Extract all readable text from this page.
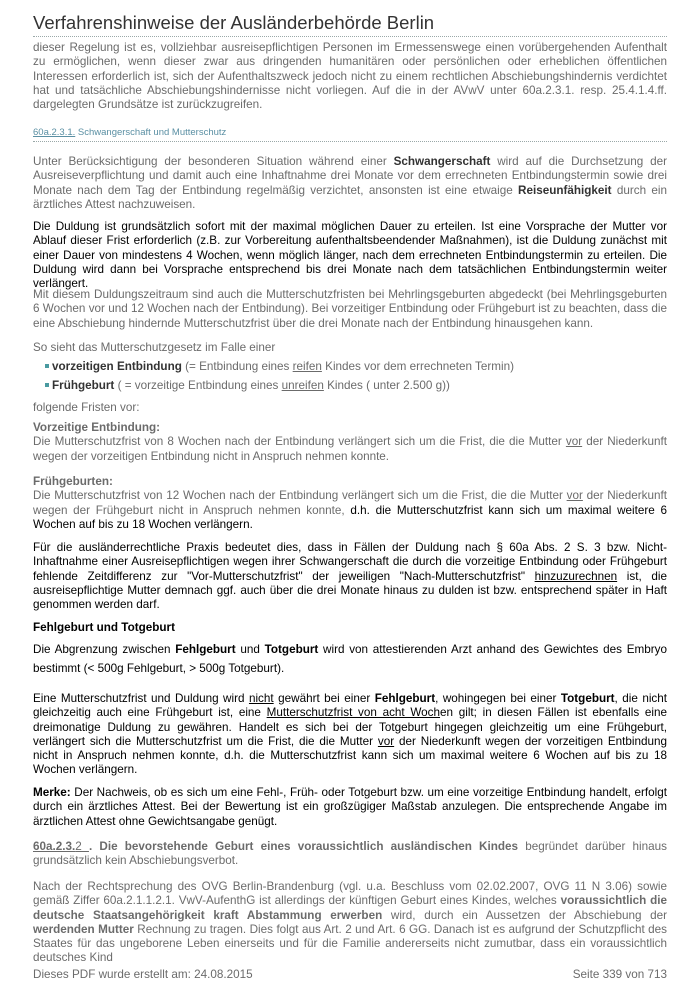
Verfahrenshinweise der Ausländerbehörde Berlin
dieser Regelung ist es, vollziehbar ausreisepflichtigen Personen im Ermessenswege einen vorübergehenden Aufenthalt zu ermöglichen, wenn dieser zwar aus dringenden humanitären oder persönlichen oder erheblichen öffentlichen Interessen erforderlich ist, sich der Aufenthaltszweck jedoch nicht zu einem rechtlichen Abschiebungshindernis verdichtet hat und tatsächliche Abschiebungshindernisse nicht vorliegen. Auf die in der AVwV unter 60a.2.3.1. resp. 25.4.1.4.ff. dargelegten Grundsätze ist zurückzugreifen.
60a.2.3.1. Schwangerschaft und Mutterschutz
Unter Berücksichtigung der besonderen Situation während einer Schwangerschaft wird auf die Durchsetzung der Ausreiseverpflichtung und damit auch eine Inhaftnahme drei Monate vor dem errechneten Entbindungstermin sowie drei Monate nach dem Tag der Entbindung regelmäßig verzichtet, ansonsten ist eine etwaige Reiseunfähigkeit durch ein ärztliches Attest nachzuweisen.
Die Duldung ist grundsätzlich sofort mit der maximal möglichen Dauer zu erteilen. Ist eine Vorsprache der Mutter vor Ablauf dieser Frist erforderlich (z.B. zur Vorbereitung aufenthaltsbeendender Maßnahmen), ist die Duldung zunächst mit einer Dauer von mindestens 4 Wochen, wenn möglich länger, nach dem errechneten Entbindungstermin zu erteilen. Die Duldung wird dann bei Vorsprache entsprechend bis drei Monate nach dem tatsächlichen Entbindungstermin weiter verlängert.
Mit diesem Duldungszeitraum sind auch die Mutterschutzfristen bei Mehrlingsgeburten abgedeckt (bei Mehrlingsgeburten 6 Wochen vor und 12 Wochen nach der Entbindung). Bei vorzeitiger Entbindung oder Frühgeburt ist zu beachten, dass die eine Abschiebung hindernde Mutterschutzfrist über die drei Monate nach der Entbindung hinausgehen kann.
So sieht das Mutterschutzgesetz im Falle einer
vorzeitigen Entbindung (= Entbindung eines reifen Kindes vor dem errechneten Termin)
Frühgeburt ( = vorzeitige Entbindung eines unreifen Kindes ( unter 2.500 g))
folgende Fristen vor:
Vorzeitige Entbindung:
Die Mutterschutzfrist von 8 Wochen nach der Entbindung verlängert sich um die Frist, die die Mutter vor der Niederkunft wegen der vorzeitigen Entbindung nicht in Anspruch nehmen konnte.
Frühgeburten:
Die Mutterschutzfrist von 12 Wochen nach der Entbindung verlängert sich um die Frist, die die Mutter vor der Niederkunft wegen der Frühgeburt nicht in Anspruch nehmen konnte, d.h. die Mutterschutzfrist kann sich um maximal weitere 6 Wochen auf bis zu 18 Wochen verlängern.
Für die ausländerrechtliche Praxis bedeutet dies, dass in Fällen der Duldung nach § 60a Abs. 2 S. 3 bzw. Nicht-Inhaftnahme einer Ausreisepflichtigen wegen ihrer Schwangerschaft die durch die vorzeitige Entbindung oder Frühgeburt fehlende Zeitdifferenz zur "Vor-Mutterschutzfrist" der jeweiligen "Nach-Mutterschutzfrist" hinzuzurechnen ist, die ausreisepflichtige Mutter demnach ggf. auch über die drei Monate hinaus zu dulden ist bzw. entsprechend später in Haft genommen werden darf.
Fehlgeburt und Totgeburt
Die Abgrenzung zwischen Fehlgeburt und Totgeburt wird von attestierenden Arzt anhand des Gewichtes des Embryo bestimmt (< 500g Fehlgeburt, > 500g Totgeburt).
Eine Mutterschutzfrist und Duldung wird nicht gewährt bei einer Fehlgeburt, wohingegen bei einer Totgeburt, die nicht gleichzeitig auch eine Frühgeburt ist, eine Mutterschutzfrist von acht Wochen gilt; in diesen Fällen ist ebenfalls eine dreimonatige Duldung zu gewähren. Handelt es sich bei der Totgeburt hingegen gleichzeitig um eine Frühgeburt, verlängert sich die Mutterschutzfrist um die Frist, die die Mutter vor der Niederkunft wegen der vorzeitigen Entbindung nicht in Anspruch nehmen konnte, d.h. die Mutterschutzfrist kann sich um maximal weitere 6 Wochen auf bis zu 18 Wochen verlängern.
Merke: Der Nachweis, ob es sich um eine Fehl-, Früh- oder Totgeburt bzw. um eine vorzeitige Entbindung handelt, erfolgt durch ein ärztliches Attest. Bei der Bewertung ist ein großzügiger Maßstab anzulegen. Die entsprechende Angabe im ärztlichen Attest ohne Gewichtsangabe genügt.
60a.2.3.2 . Die bevorstehende Geburt eines voraussichtlich ausländischen Kindes begründet darüber hinaus grundsätzlich kein Abschiebungsverbot.
Nach der Rechtsprechung des OVG Berlin-Brandenburg (vgl. u.a. Beschluss vom 02.02.2007, OVG 11 N 3.06) sowie gemäß Ziffer 60a.2.1.1.2.1. VwV-AufenthG ist allerdings der künftigen Geburt eines Kindes, welches voraussichtlich die deutsche Staatsangehörigkeit kraft Abstammung erwerben wird, durch ein Aussetzen der Abschiebung der werdenden Mutter Rechnung zu tragen. Dies folgt aus Art. 2 und Art. 6 GG. Danach ist es aufgrund der Schutzpflicht des Staates für das ungeborene Leben einerseits und für die Familie andererseits nicht zumutbar, dass ein voraussichtlich deutsches Kind
Dieses PDF wurde erstellt am: 24.08.2015	Seite 339 von 713
